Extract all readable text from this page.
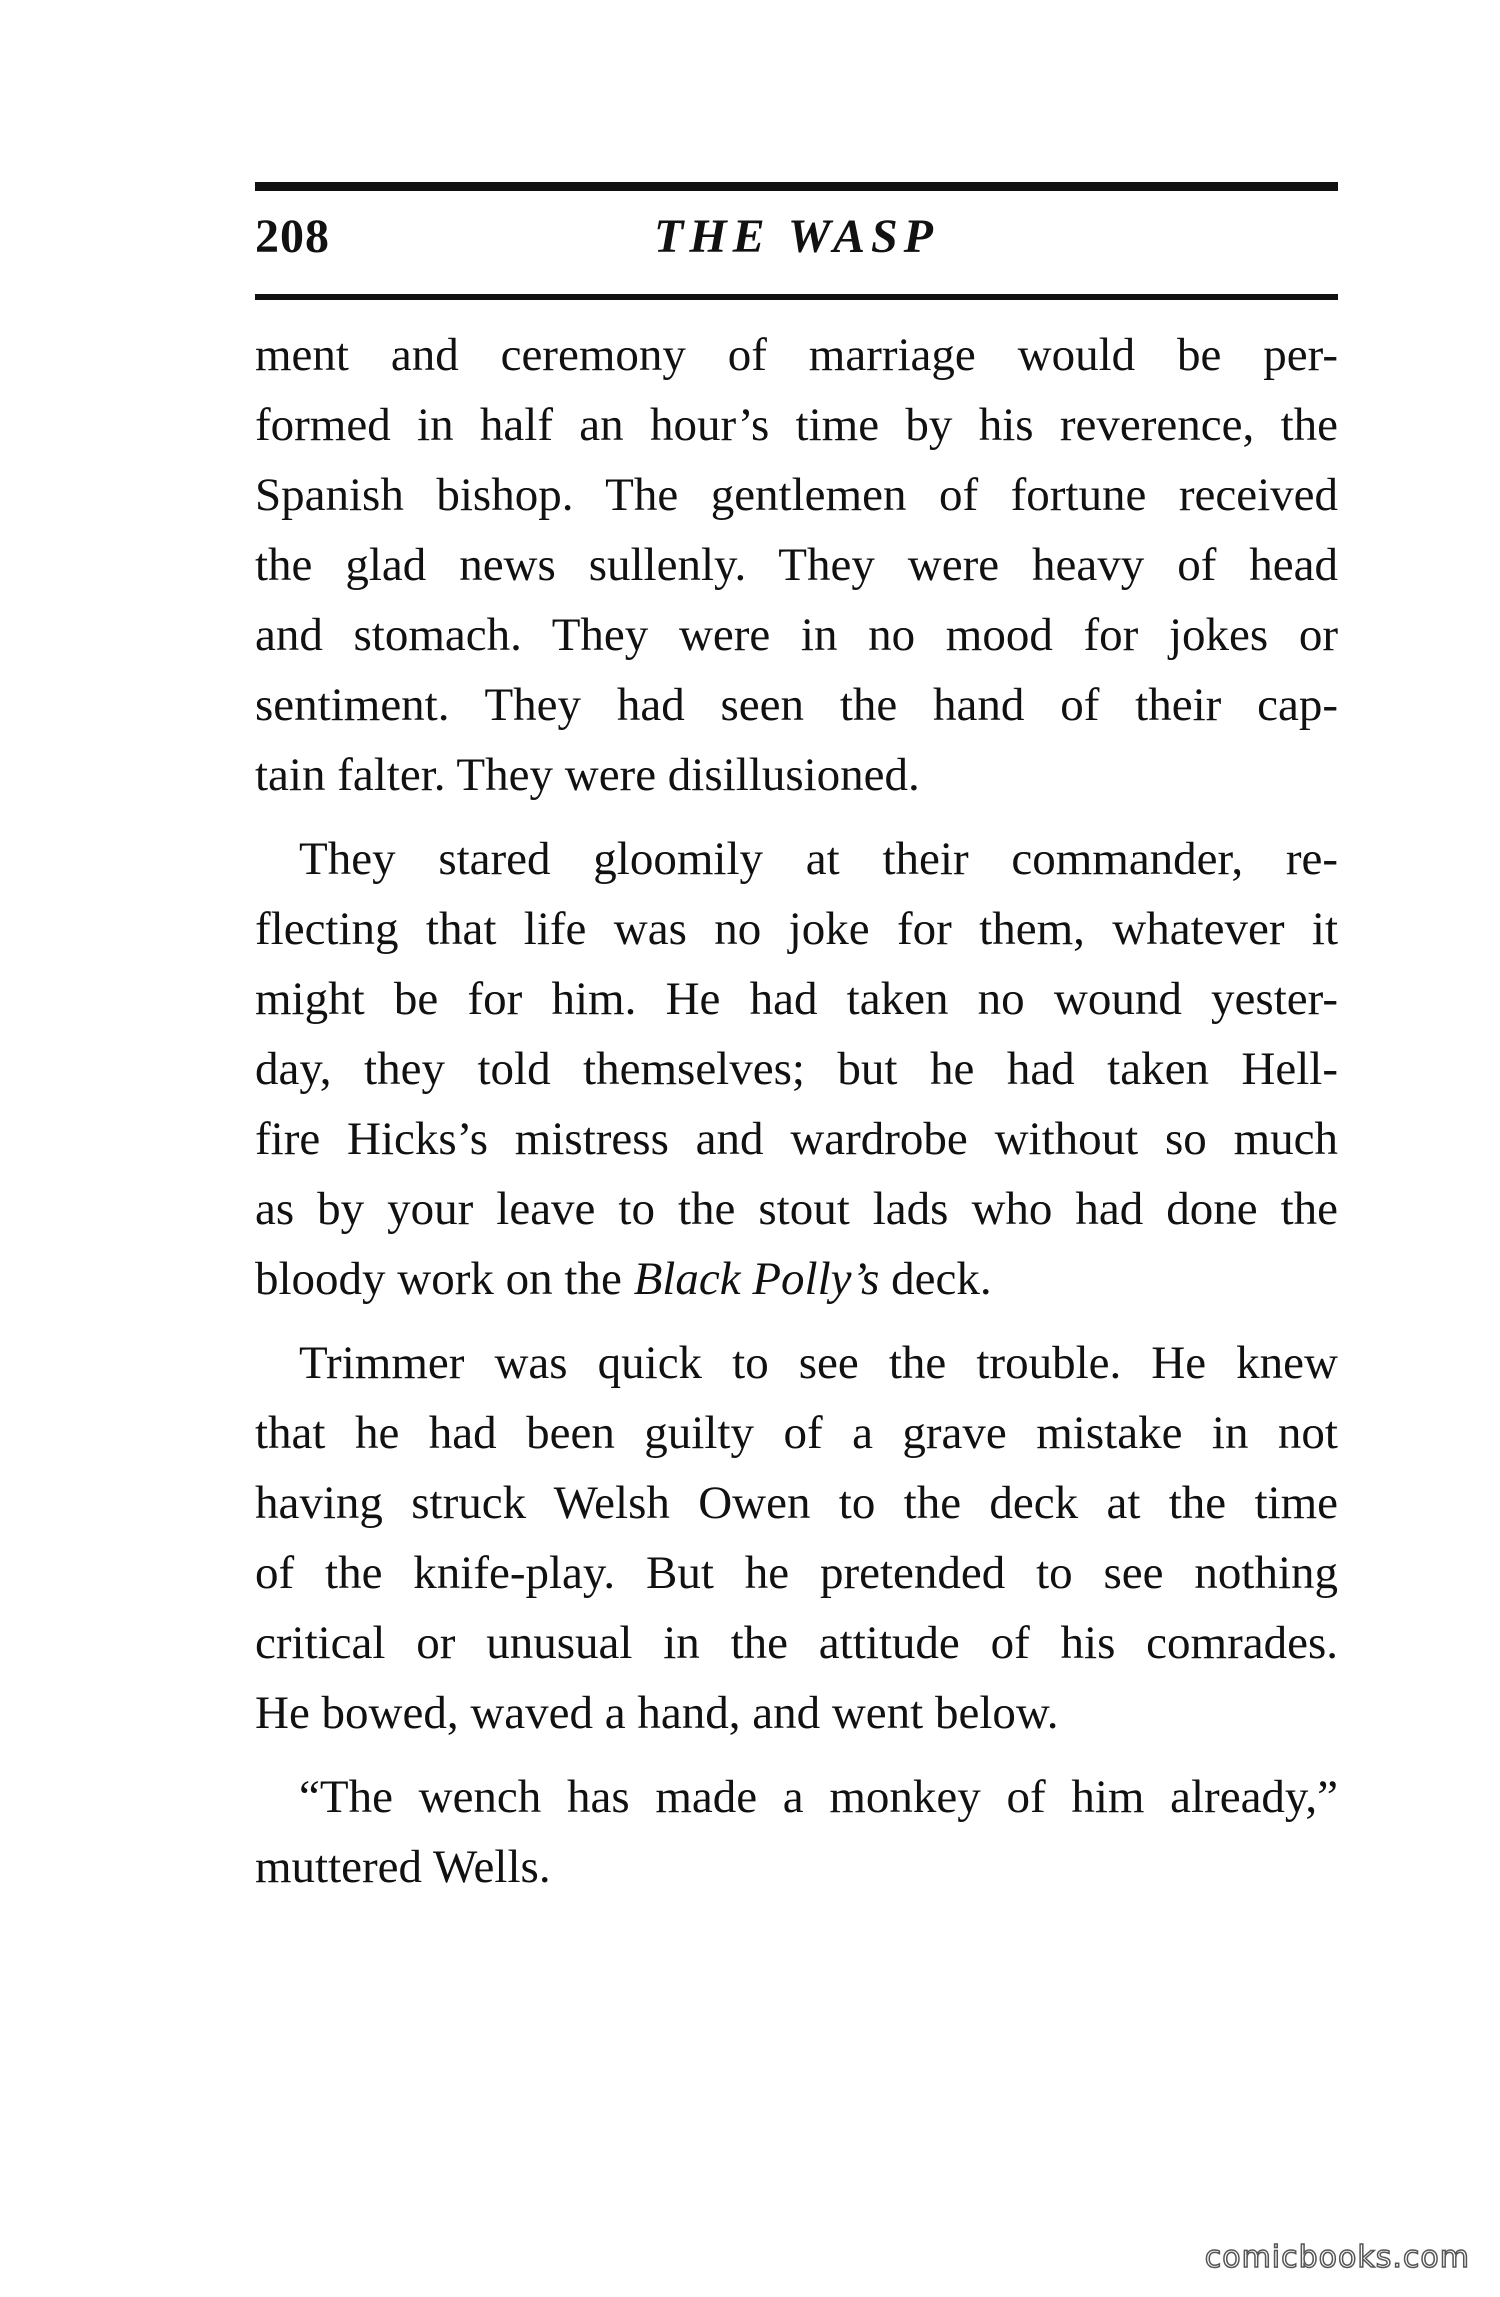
208	THE WASP
ment and ceremony of marriage would be per-
formed in half an hour’s time by his reverence, the
Spanish bishop. The gentlemen of fortune received
the glad news sullenly. They were heavy of head
and stomach. They were in no mood for jokes or
sentiment. They had seen the hand of their cap-
tain falter. They were disillusioned.
They stared gloomily at their commander, re-
flecting that life was no joke for them, whatever it
might be for him. He had taken no wound yester-
day, they told themselves; but he had taken Hell-
fire Hicks’s mistress and wardrobe without so much
as by your leave to the stout lads who had done the
bloody work on the Black Polly’s deck.
Trimmer was quick to see the trouble. He knew
that he had been guilty of a grave mistake in not
having struck Welsh Owen to the deck at the time
of the knife-play. But he pretended to see nothing
critical or unusual in the attitude of his comrades.
He bowed, waved a hand, and went below.
“The wench has made a monkey of him already,”
muttered Wells.
comicbooks.com
